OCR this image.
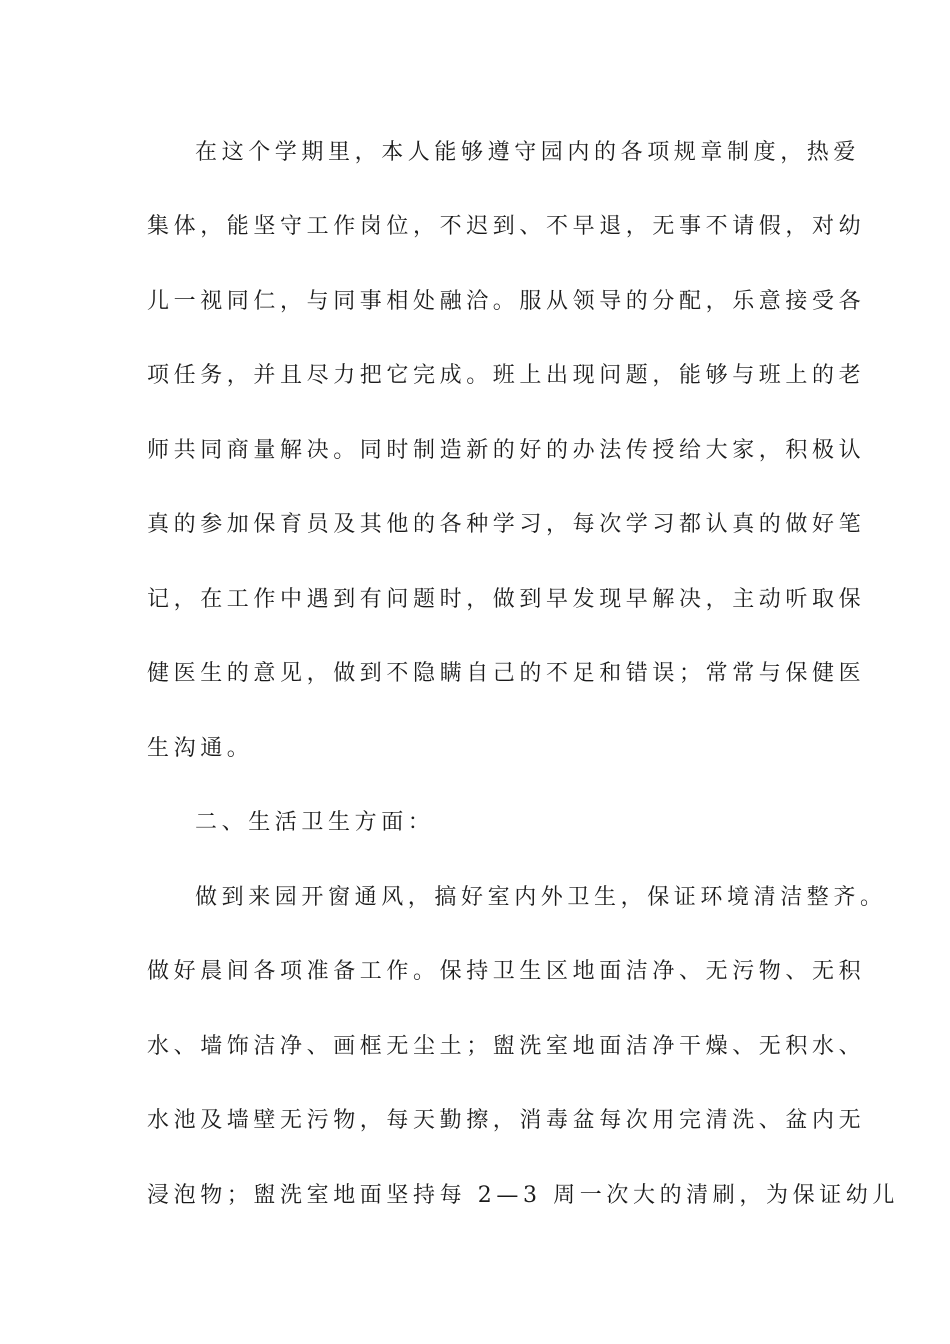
在这个学期里，本人能够遵守园内的各项规章制度，热爱
集体，能坚守工作岗位，不迟到、不早退，无事不请假，对幼
儿一视同仁，与同事相处融洽。服从领导的分配，乐意接受各
项任务，并且尽力把它完成。班上出现问题，能够与班上的老
师共同商量解决。同时制造新的好的办法传授给大家，积极认
真的参加保育员及其他的各种学习，每次学习都认真的做好笔
记，在工作中遇到有问题时，做到早发现早解决，主动听取保
健医生的意见，做到不隐瞒自己的不足和错误；常常与保健医
生沟通。
二、生活卫生方面：
做到来园开窗通风，搞好室内外卫生，保证环境清洁整齐。
做好晨间各项准备工作。保持卫生区地面洁净、无污物、无积
水、墙饰洁净、画框无尘土；盥洗室地面洁净干燥、无积水、
水池及墙壁无污物，每天勤擦，消毒盆每次用完清洗、盆内无
浸泡物；盥洗室地面坚持每 2—3 周一次大的清刷，为保证幼儿
